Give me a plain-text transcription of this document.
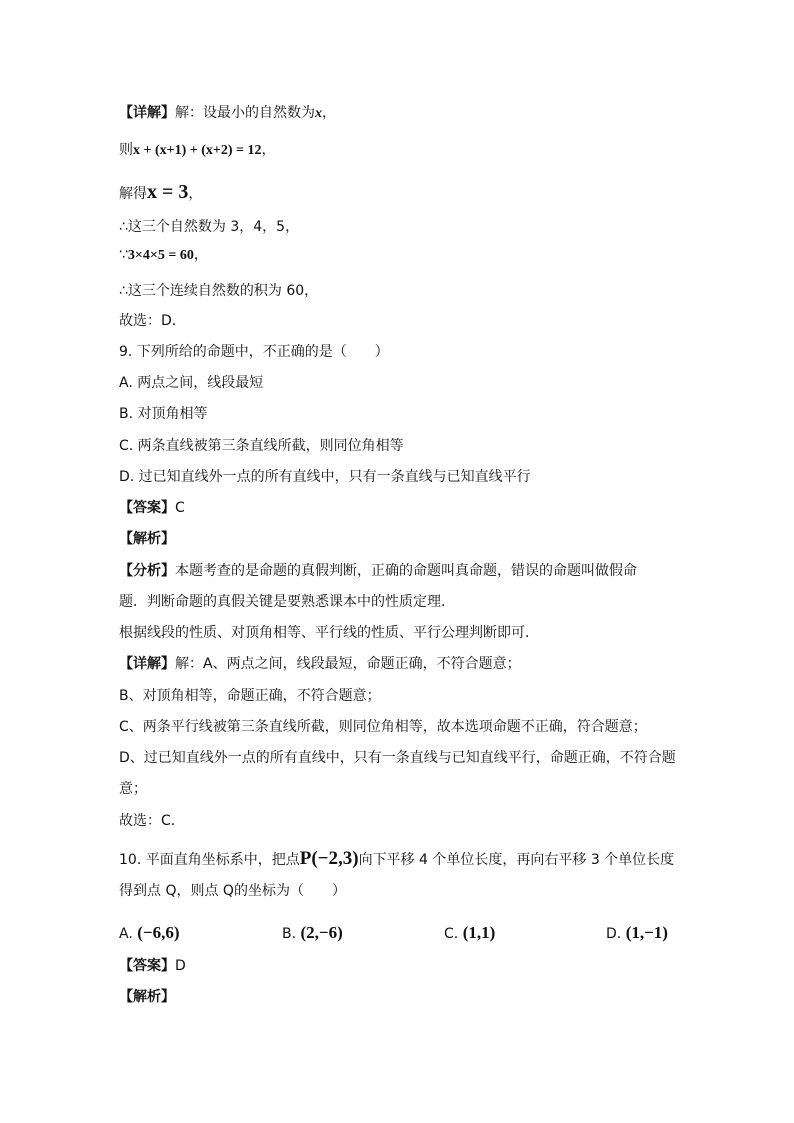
【详解】解：设最小的自然数为x，
则x + (x+1) + (x+2) = 12，
解得x = 3，
∴这三个自然数为 3，4，5，
∵3×4×5 = 60，
∴这三个连续自然数的积为 60，
故选：D．
9. 下列所给的命题中，不正确的是（　　）
A. 两点之间，线段最短
B. 对顶角相等
C. 两条直线被第三条直线所截，则同位角相等
D. 过已知直线外一点的所有直线中，只有一条直线与已知直线平行
【答案】C
【解析】
【分析】本题考查的是命题的真假判断，正确的命题叫真命题，错误的命题叫做假命
题．判断命题的真假关键是要熟悉课本中的性质定理．
根据线段的性质、对顶角相等、平行线的性质、平行公理判断即可．
【详解】解：A、两点之间，线段最短，命题正确，不符合题意；
B、对顶角相等，命题正确，不符合题意；
C、两条平行线被第三条直线所截，则同位角相等，故本选项命题不正确，符合题意；
D、过已知直线外一点的所有直线中，只有一条直线与已知直线平行，命题正确，不符合题
意；
故选：C．
10. 平面直角坐标系中，把点P(−2,3)向下平移 4 个单位长度，再向右平移 3 个单位长度
得到点 Q，则点 Q的坐标为（　　）
A. (−6,6)	B. (2,−6)	C. (1,1)	D. (1,−1)
【答案】D
【解析】
